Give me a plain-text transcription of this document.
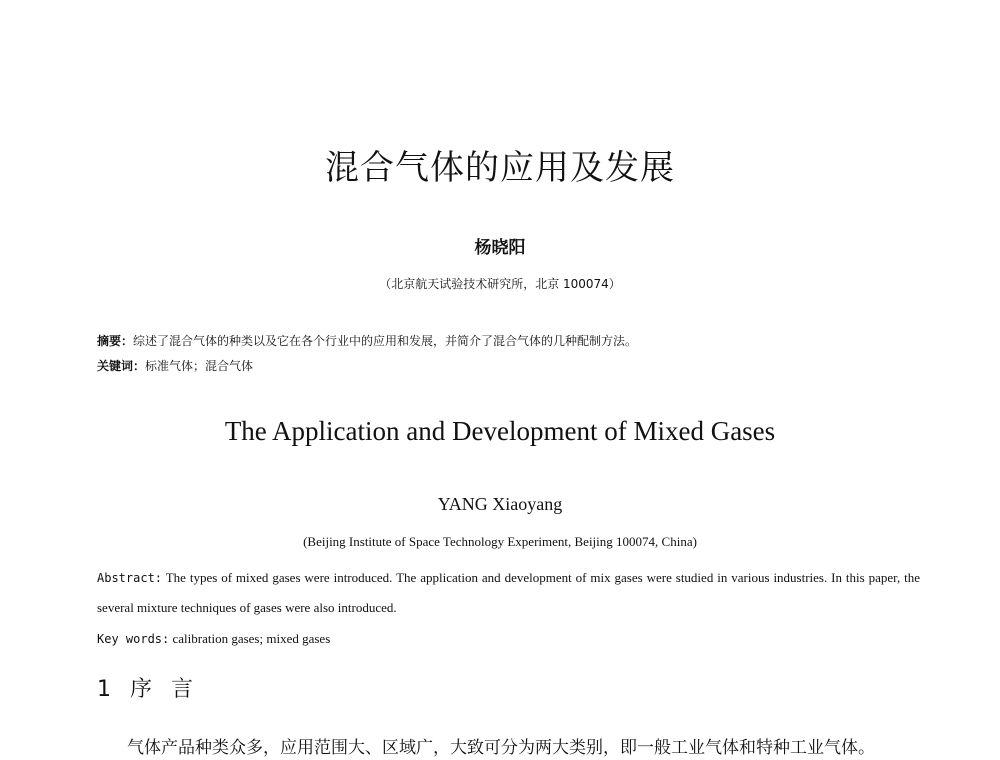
混合气体的应用及发展
杨晓阳
（北京航天试验技术研究所，北京 100074）
摘要：综述了混合气体的种类以及它在各个行业中的应用和发展，并简介了混合气体的几种配制方法。
关键词：标准气体；混合气体
The Application and Development of Mixed Gases
YANG Xiaoyang
(Beijing Institute of Space Technology Experiment, Beijing 100074, China)
Abstract: The types of mixed gases were introduced. The application and development of mix gases were studied in various industries. In this paper, the several mixture techniques of gases were also introduced.
Key words: calibration gases; mixed gases
1 序 言
气体产品种类众多，应用范围大、区域广，大致可分为两大类别，即一般工业气体和特种工业气体。
